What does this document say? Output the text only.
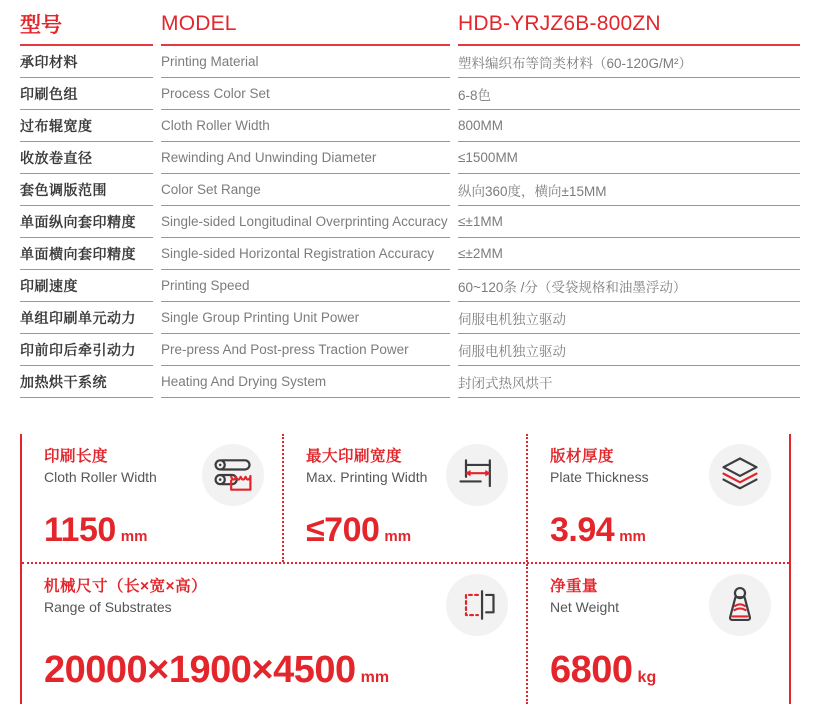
型号	MODEL	HDB-YRJZ6B-800ZN
承印材料	Printing Material	塑料编织布等筒类材料（60-120G/M²）
印刷色组	Process Color Set	6-8色
过布辊宽度	Cloth Roller Width	800MM
收放卷直径	Rewinding And Unwinding Diameter	≤1500MM
套色调版范围	Color Set Range	纵向360度，横向±15MM
单面纵向套印精度	Single-sided Longitudinal Overprinting Accuracy ≤±1MM
单面横向套印精度	Single-sided Horizontal Registration Accuracy	≤±2MM
印刷速度	Printing Speed	60~120条 /分（受袋规格和油墨浮动）
单组印刷单元动力	Single Group Printing Unit Power	伺服电机独立驱动
印前印后牵引动力	Pre-press And Post-press Traction Power	伺服电机独立驱动
加热烘干系统	Heating And Drying System	封闭式热风烘干
印刷长度
Cloth Roller Width
1150 mm
最大印刷宽度
Max. Printing Width
≤700 mm
版材厚度
Plate Thickness
3.94 mm
机械尺寸（长×宽×高）
Range of Substrates
20000×1900×4500 mm
净重量
Net Weight
6800 kg
